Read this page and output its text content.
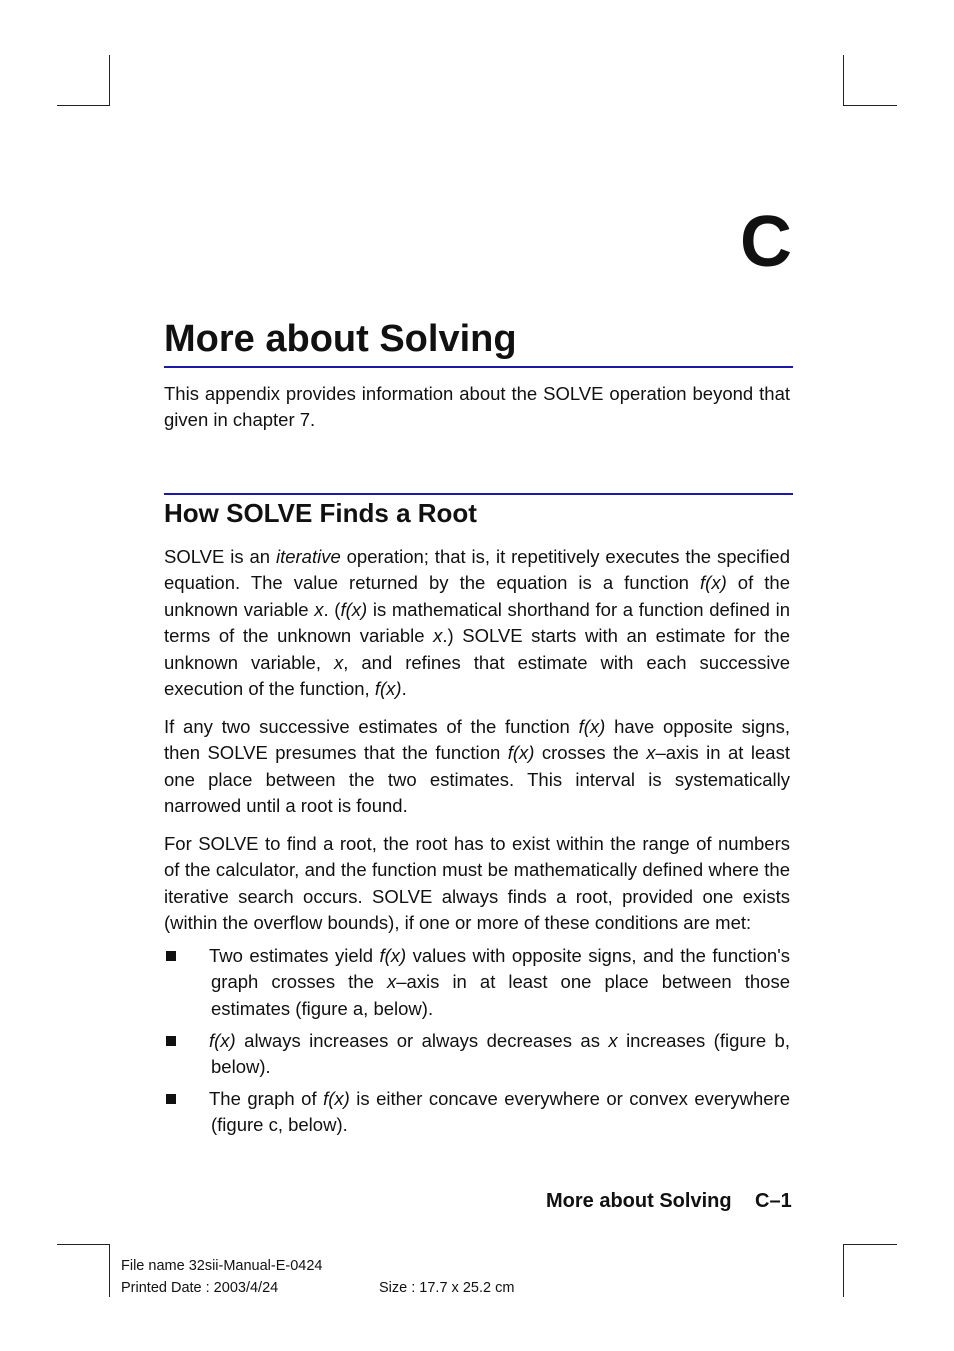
C
More about Solving

This appendix provides information about the SOLVE operation beyond that given in chapter 7.

How SOLVE Finds a Root

SOLVE is an iterative operation; that is, it repetitively executes the specified equation. The value returned by the equation is a function f(x) of the unknown variable x. (f(x) is mathematical shorthand for a function defined in terms of the unknown variable x.) SOLVE starts with an estimate for the unknown variable, x, and refines that estimate with each successive execution of the function, f(x).

If any two successive estimates of the function f(x) have opposite signs, then SOLVE presumes that the function f(x) crosses the x–axis in at least one place between the two estimates. This interval is systematically narrowed until a root is found.

For SOLVE to find a root, the root has to exist within the range of numbers of the calculator, and the function must be mathematically defined where the iterative search occurs. SOLVE always finds a root, provided one exists (within the overflow bounds), if one or more of these conditions are met:

Two estimates yield f(x) values with opposite signs, and the function's graph crosses the x–axis in at least one place between those estimates (figure a, below).
f(x) always increases or always decreases as x increases (figure b, below).
The graph of f(x) is either concave everywhere or convex everywhere (figure c, below).
More about Solving C–1
File name 32sii-Manual-E-0424
Printed Date : 2003/4/24	Size : 17.7 x 25.2 cm
